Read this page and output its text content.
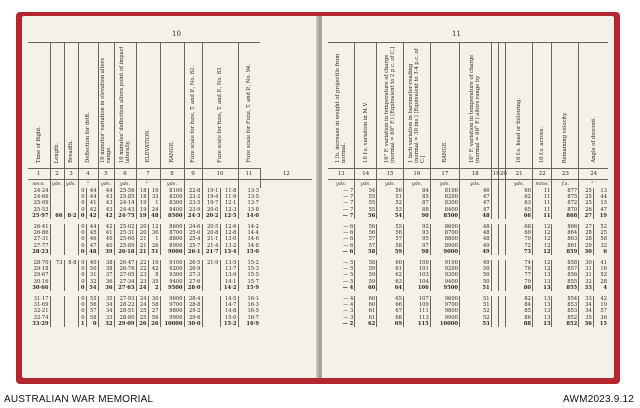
10
Time of flight.	Length.	Breadth.	Deflection for drift.		10 minutes' variation in elevation alters range.	10 minutes' deflection alters point of impact laterally.	ELEVATION.		RANGE.	Fuze scale for fuze, T. and P., No. 82.	Fuze scale for fuze, T. and P., No. 83.		Fuze scale for Fuze, T. and P., No. 94.	
1	2	3	4		5	6	7		8	9	10		11	12
secs.	yds.	yds.	°		yds.	yds.	° ′		yds.					
24·24			0	44	44	25·56	18	16	8100	22·8	19·1	11·8	13·3	
24·66			0	44	43	25·85	18	33	8200	23·2	19·4	11·9	13·5	
25·09			0	41	43	24·14	19	1	8300	23·5	19·7	12·1	13·7	
25·53			0	42	43	24·43	19	24	8400	23·9	20·0	12·3	13·8	
25·97	66	8·2	0	42	42	24·75	19	48	8500	24·3	20·2	12·5	14·0	

26·41			0	44	42	25·02	20	12	8600	24·6	20·5	12·6	14·2	
26·86			0	45	41	25·31	20	36	8700	25·0	20·8	12·8	14·4	
27·31			0	46	40	25·60	21	1	8800	25·4	21·1	13·0	14·6	
27·77			0	47	40	25·89	21	26	8900	25·7	21·4	13·2	14·8	
28·23			0	48	39	26·18	21	51	9000	26·1	21·7	13·4	15·0	

28·70	73	8·8	0	40	38	26·47	22	16	9100	26·5	21·9	13·5	15·2	
29·18			0	50	38	26·76	22	42	9200	26·9		13·7	15·3	
29·67			0	31	37	27·05	23	8	9300	27·3		13·9	15·5	
30·16			0	32	36	27·34	23	35	9400	27·6		14·1	15·7	
30·66			0	54	36	27·63	24	2	9500	28·0		14·2	15·9	

31·17			0	55	35	27·93	24	30	9600	28·4		14·5	16·1	
31·69			0	56	34	28·22	24	58	9700	28·8		14·7	16·3	
32·21			0	57	34	28·51	25	27	9800	29·2		14·8	16·5	
32·74			0	58	33	28·80	25	56	9900	29·6		15·0	16·7	
33·29			1	0	32	29·09	26	26	10000	30·0		15·2	16·9	
11
1 lb. increase in weight of projectile from normal.	10 f.s. variation in M.V.	10° F. variation in temperature of charge (normal = 60° F.) [Equivalent to 2 p.c. of C.]	1 inch variation in barometer-reading (normal = 30 ins.) [Equivalent to 3·4 p.c. of C.]	RANGE.	10° F. variation in temperature of charge (normal = 60° F.) alters range by			10 f.s. head or following.	10 f.s. across.	Remaining velocity.	Angle of descent.	
13	14	15	16	17	18	19	20	21	22	23	24	
yds.	yds.	yds.	yds.	yds.	yds.			yds.	mins.	f.s.	° ′	
— 7	54	50	84	8100	46			60	11	877	25	13
— 7	55	51	85	8200	47			62	11	875	25	44
— 7	55	52	87	8300	47			63	11	872	25	15
— 7	55	53	88	8400	47			65	11	870	26	47
— 7	56	54	90	8500	48			66	11	868	27	19

— 6	56	55	92	8600	48			68	12	866	27	52
— 6	56	56	93	8700	48			69	12	864	28	25
— 6	57	57	95	8800	48			70	12	863	28	58
— 6	57	58	97	8900	49			72	12	861	29	32
— 6	58	59	98	9000	49			73	12	859	30	6

— 5	58	60	100	9100	49			74	12	858	30	41
— 5	59	61	101	9200	50			76	12	857	31	16
— 5	59	62	103	9300	50			77	13	856	31	52
— 5	59	63	104	9400	50			79	13	855	32	28
— 4	60	64	106	9500	51			80	13	855	33	4

— 4	60	65	107	9600	51			82	13	854	33	42
— 4	60	66	109	9700	51			84	13	853	34	19
— 3	61	67	111	9800	52			85	13	853	34	57
— 3	61	68	113	9900	52			86	13	852	35	36
— 2	62	69	115	10000	53			88	13	852	36	15
AUSTRALIAN WAR MEMORIAL	AWM2023.9.12
